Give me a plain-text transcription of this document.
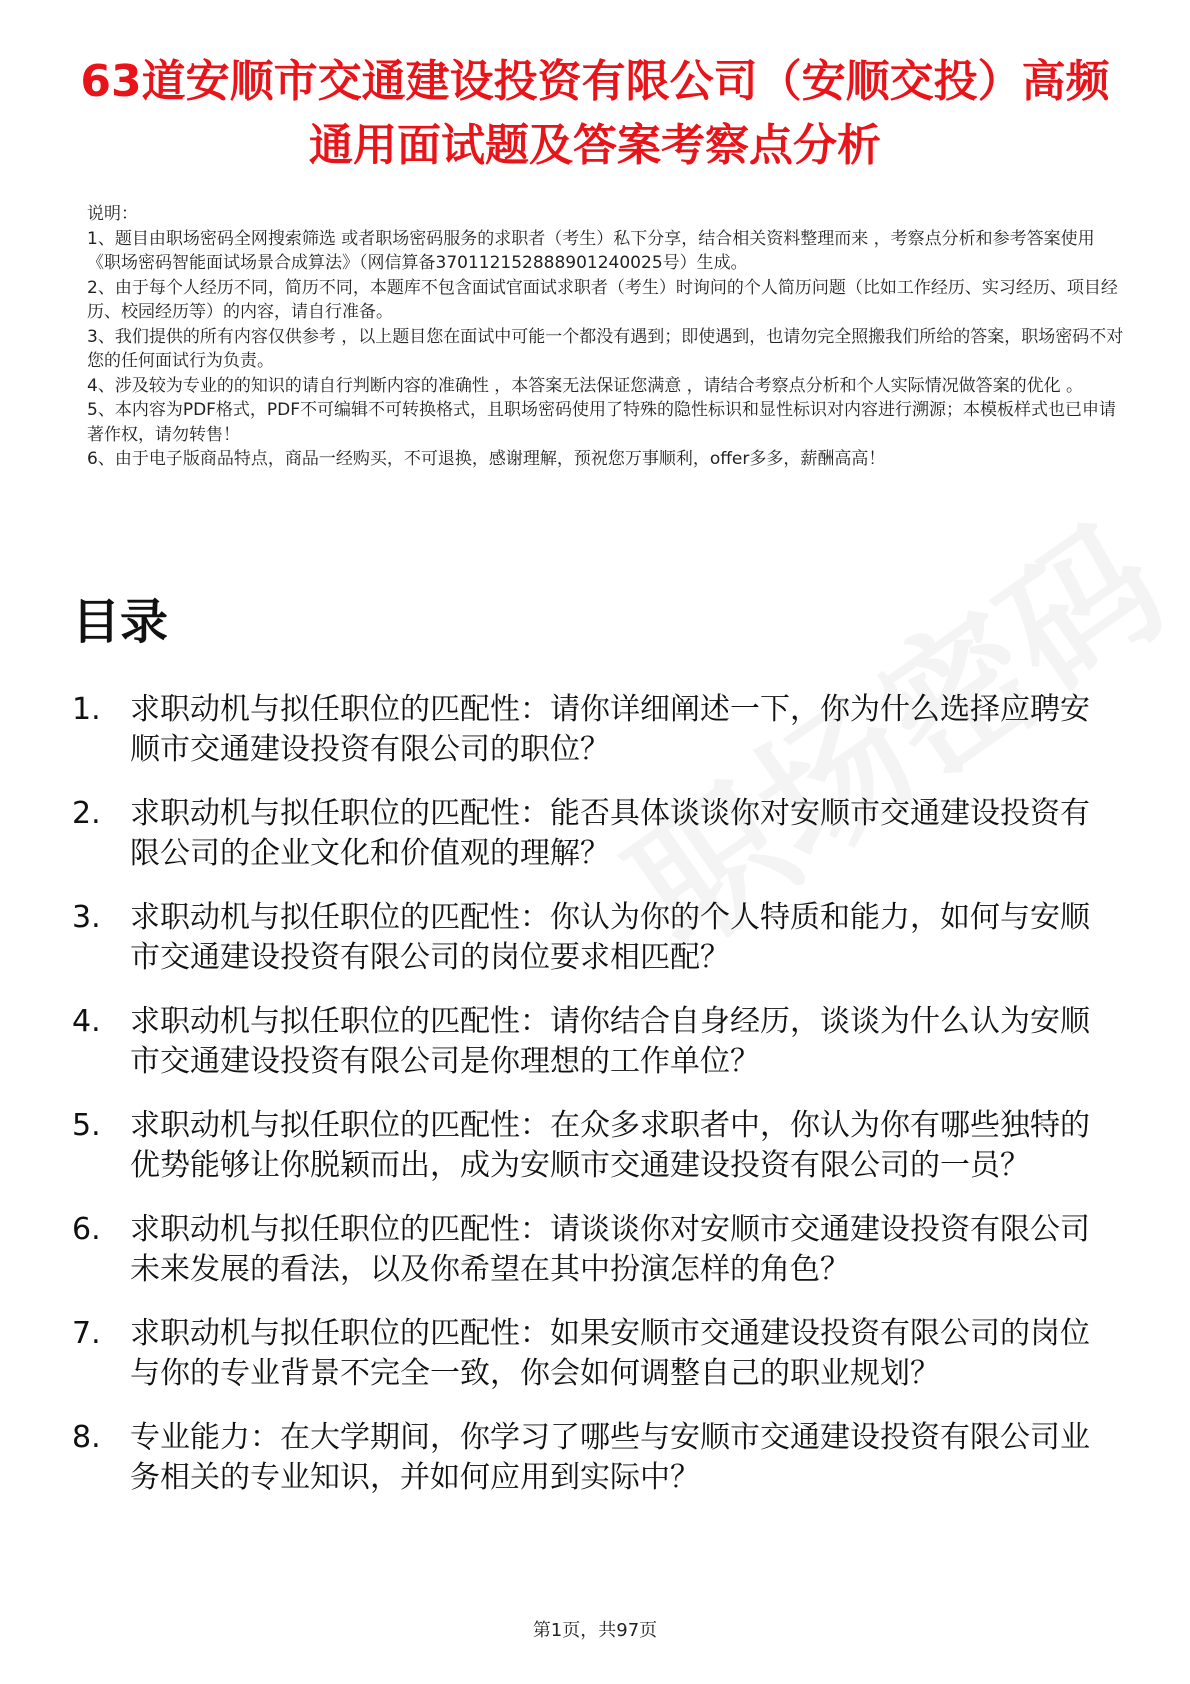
63道安顺市交通建设投资有限公司（安顺交投）高频通用面试题及答案考察点分析

说明：

1、题目由职场密码全网搜索筛选 或者职场密码服务的求职者（考生）私下分享，结合相关资料整理而来 ，考察点分析和参考答案使用《职场密码智能面试场景合成算法》（网信算备370112152888901240025号）生成。

2、由于每个人经历不同，简历不同，本题库不包含面试官面试求职者（考生）时询问的个人简历问题（比如工作经历、实习经历、项目经历、校园经历等）的内容，请自行准备。

3、我们提供的所有内容仅供参考 ，以上题目您在面试中可能一个都没有遇到；即使遇到，也请勿完全照搬我们所给的答案，职场密码不对您的任何面试行为负责。

4、涉及较为专业的的知识的请自行判断内容的准确性 ，本答案无法保证您满意 ，请结合考察点分析和个人实际情况做答案的优化 。

5、本内容为PDF格式，PDF不可编辑不可转换格式，且职场密码使用了特殊的隐性标识和显性标识对内容进行溯源；本模板样式也已申请著作权，请勿转售！

6、由于电子版商品特点，商品一经购买，不可退换，感谢理解，预祝您万事顺利，offer多多，薪酬高高！

目录
1. 求职动机与拟任职位的匹配性：请你详细阐述一下，你为什么选择应聘安顺市交通建设投资有限公司的职位？
2. 求职动机与拟任职位的匹配性：能否具体谈谈你对安顺市交通建设投资有限公司的企业文化和价值观的理解？
3. 求职动机与拟任职位的匹配性：你认为你的个人特质和能力，如何与安顺市交通建设投资有限公司的岗位要求相匹配？
4. 求职动机与拟任职位的匹配性：请你结合自身经历，谈谈为什么认为安顺市交通建设投资有限公司是你理想的工作单位？
5. 求职动机与拟任职位的匹配性：在众多求职者中，你认为你有哪些独特的优势能够让你脱颖而出，成为安顺市交通建设投资有限公司的一员？
6. 求职动机与拟任职位的匹配性：请谈谈你对安顺市交通建设投资有限公司未来发展的看法，以及你希望在其中扮演怎样的角色？
7. 求职动机与拟任职位的匹配性：如果安顺市交通建设投资有限公司的岗位与你的专业背景不完全一致，你会如何调整自己的职业规划？
8. 专业能力：在大学期间，你学习了哪些与安顺市交通建设投资有限公司业务相关的专业知识，并如何应用到实际中？
第1页，共97页
